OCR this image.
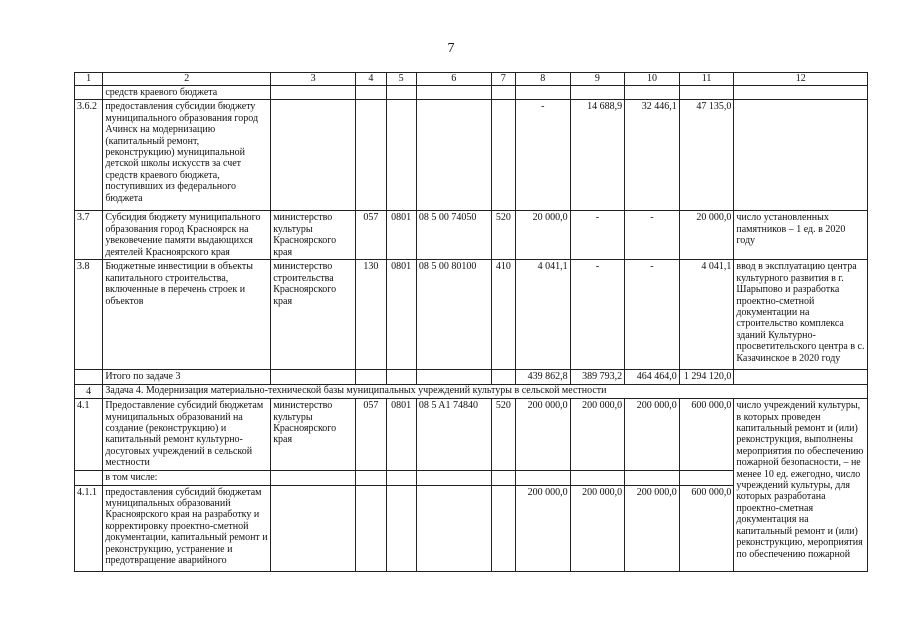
7
1	2	3	4	5	6	7	8	9	10	11	12
	средств краевого бюджета										
3.6.2	предоставления субсидии бюджету муниципального образования город Ачинск на модернизацию (капитальный ремонт, реконструкцию) муниципальной детской школы искусств за счет средств краевого бюджета, поступивших из федерального бюджета						-	14 688,9	32 446,1	47 135,0	
3.7	Субсидия бюджету муниципального образования город Красноярск на увековечение памяти выдающихся деятелей Красноярского края	министерство культуры Красноярского края	057	0801	08 5 00 74050	520	20 000,0	-	-	20 000,0	число установленных памятников – 1 ед. в 2020 году
3.8	Бюджетные инвестиции в объекты капитального строительства, включенные в перечень строек и объектов	министерство строительства Красноярского края	130	0801	08 5 00 80100	410	4 041,1	-	-	4 041,1	ввод в эксплуатацию центра культурного развития в г. Шарыпово и разработка проектно-сметной документации на строительство комплекса зданий Культурно-просветительского центра в с. Казачинское в 2020 году
	Итого по задаче 3						439 862,8	389 793,2	464 464,0	1 294 120,0	
4	Задача 4. Модернизация материально-технической базы муниципальных учреждений культуры в сельской местности										
4.1	Предоставление субсидий бюджетам муниципальных образований на создание (реконструкцию) и капитальный ремонт культурно-досуговых учреждений в сельской местности	министерство культуры Красноярского края	057	0801	08 5 A1 74840	520	200 000,0	200 000,0	200 000,0	600 000,0	число учреждений культуры, в которых проведен капитальный ремонт и (или) реконструкция, выполнены мероприятия по обеспечению пожарной безопасности, – не менее 10 ед. ежегодно, число учреждений культуры, для которых разработана проектно-сметная документация на капитальный ремонт и (или) реконструкцию, мероприятия по обеспечению пожарной
	в том числе:										
4.1.1	предоставления субсидий бюджетам муниципальных образований Красноярского края на разработку и корректировку проектно-сметной документации, капитальный ремонт и реконструкцию, устранение и предотвращение аварийного						200 000,0	200 000,0	200 000,0	600 000,0	
